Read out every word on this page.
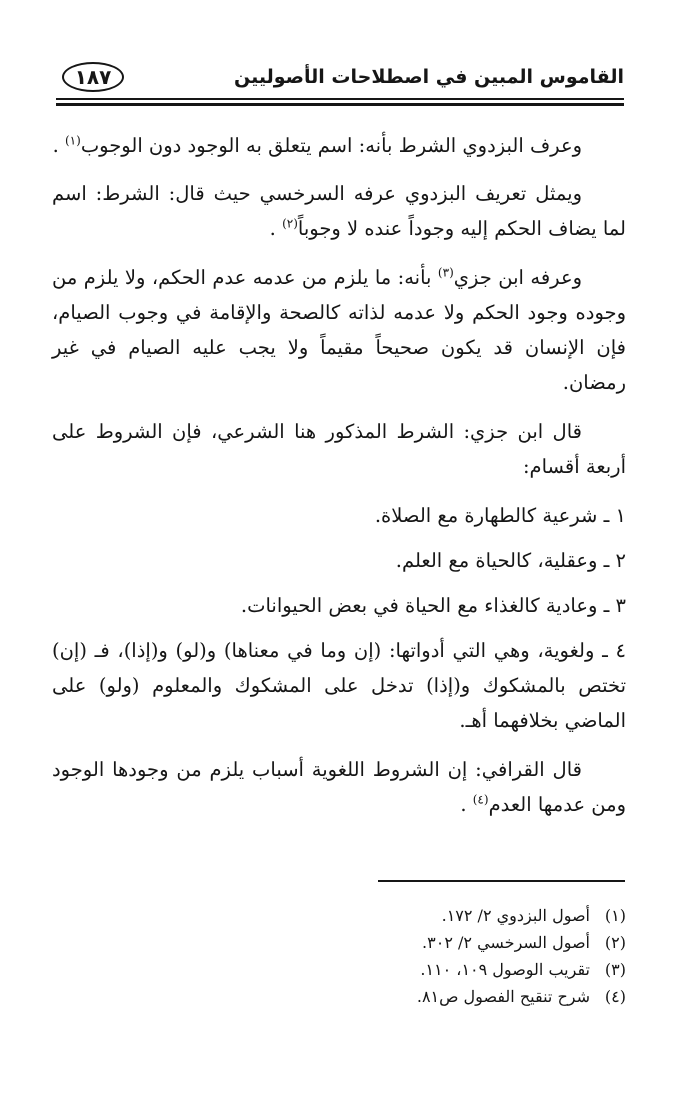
١٨٧	القاموس المبين في اصطلاحات الأصوليين

وعرف البزدوي الشرط بأنه: اسم يتعلق به الوجود دون الوجوب$^{(١)}$ .

ويمثل تعريف البزدوي عرفه السرخسي حيث قال: الشرط: اسم لما يضاف الحكم إليه وجوداً عنده لا وجوباً$^{(٢)}$ .

وعرفه ابن جزي$^{(٣)}$ بأنه: ما يلزم من عدمه عدم الحكم، ولا يلزم من وجوده وجود الحكم ولا عدمه لذاته كالصحة والإقامة في وجوب الصيام، فإن الإنسان قد يكون صحيحاً مقيماً ولا يجب عليه الصيام في غير رمضان.

قال ابن جزي: الشرط المذكور هنا الشرعي، فإن الشروط على أربعة أقسام:

١ ـ شرعية كالطهارة مع الصلاة.

٢ ـ وعقلية، كالحياة مع العلم.

٣ ـ وعادية كالغذاء مع الحياة في بعض الحيوانات.

٤ ـ ولغوية، وهي التي أدواتها: (إن وما في معناها) و(لو) و(إذا)، فـ (إن) تختص بالمشكوك و(إذا) تدخل على المشكوك والمعلوم (ولو) على الماضي بخلافهما أهـ.

قال القرافي: إن الشروط اللغوية أسباب يلزم من وجودها الوجود ومن عدمها العدم$^{(٤)}$ .

(١)
أصول البزدوي ٢/ ١٧٢.
(٢)
أصول السرخسي ٢/ ٣٠٢.
(٣)
تقريب الوصول ١٠٩، ١١٠.
(٤)
شرح تنقيح الفصول ص٨١.
